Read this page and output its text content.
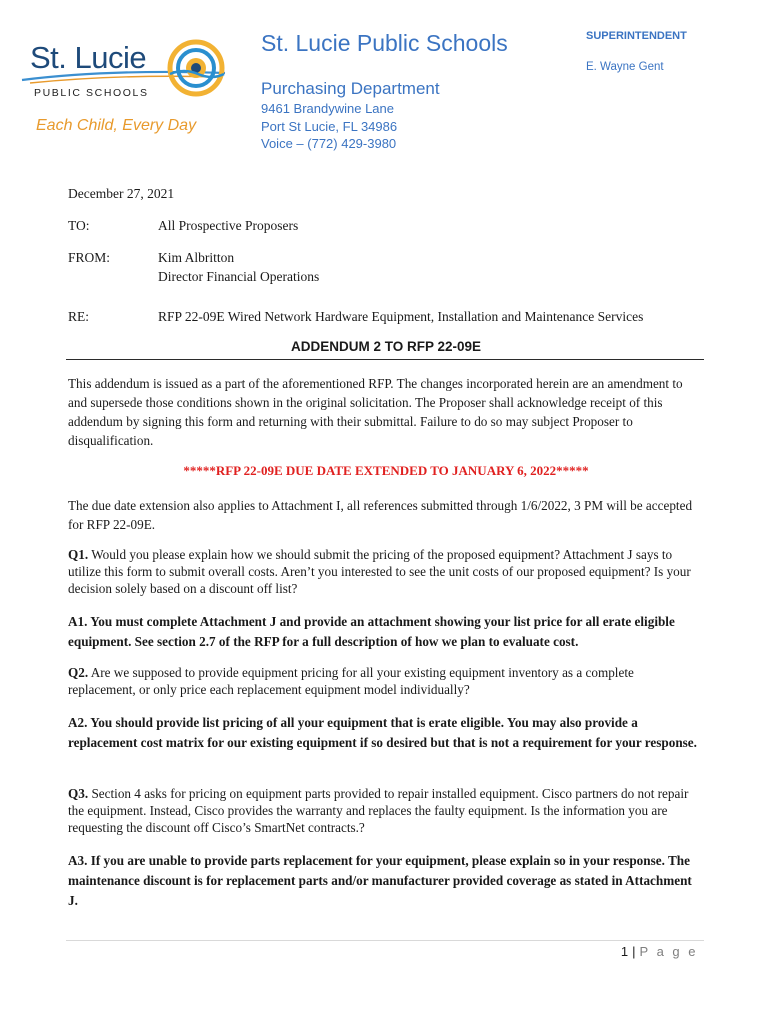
St. Lucie
PUBLIC SCHOOLS
Each Child, Every Day
St. Lucie Public Schools
Purchasing Department
9461 Brandywine Lane
Port St Lucie, FL 34986
Voice – (772) 429-3980
SUPERINTENDENT
E. Wayne Gent
December 27, 2021
TO:	All Prospective Proposers
FROM:	Kim Albritton
Director Financial Operations
RE:	RFP 22-09E Wired Network Hardware Equipment, Installation and Maintenance Services
ADDENDUM 2 TO RFP 22-09E

This addendum is issued as a part of the aforementioned RFP. The changes incorporated herein are an amendment to and supersede those conditions shown in the original solicitation. The Proposer shall acknowledge receipt of this addendum by signing this form and returning with their submittal. Failure to do so may subject Proposer to disqualification.

*****RFP 22-09E DUE DATE EXTENDED TO JANUARY 6, 2022*****

The due date extension also applies to Attachment I, all references submitted through 1/6/2022, 3 PM will be accepted for RFP 22-09E.

Q1. Would you please explain how we should submit the pricing of the proposed equipment? Attachment J says to utilize this form to submit overall costs. Aren’t you interested to see the unit costs of our proposed equipment? Is your decision solely based on a discount off list?

A1. You must complete Attachment J and provide an attachment showing your list price for all erate eligible equipment. See section 2.7 of the RFP for a full description of how we plan to evaluate cost.

Q2. Are we supposed to provide equipment pricing for all your existing equipment inventory as a complete replacement, or only price each replacement equipment model individually?

A2. You should provide list pricing of all your equipment that is erate eligible. You may also provide a replacement cost matrix for our existing equipment if so desired but that is not a requirement for your response.

Q3. Section 4 asks for pricing on equipment parts provided to repair installed equipment. Cisco partners do not repair the equipment. Instead, Cisco provides the warranty and replaces the faulty equipment. Is the information you are requesting the discount off Cisco’s SmartNet contracts.?

A3. If you are unable to provide parts replacement for your equipment, please explain so in your response. The maintenance discount is for replacement parts and/or manufacturer provided coverage as stated in Attachment J.

1 | P a g e
